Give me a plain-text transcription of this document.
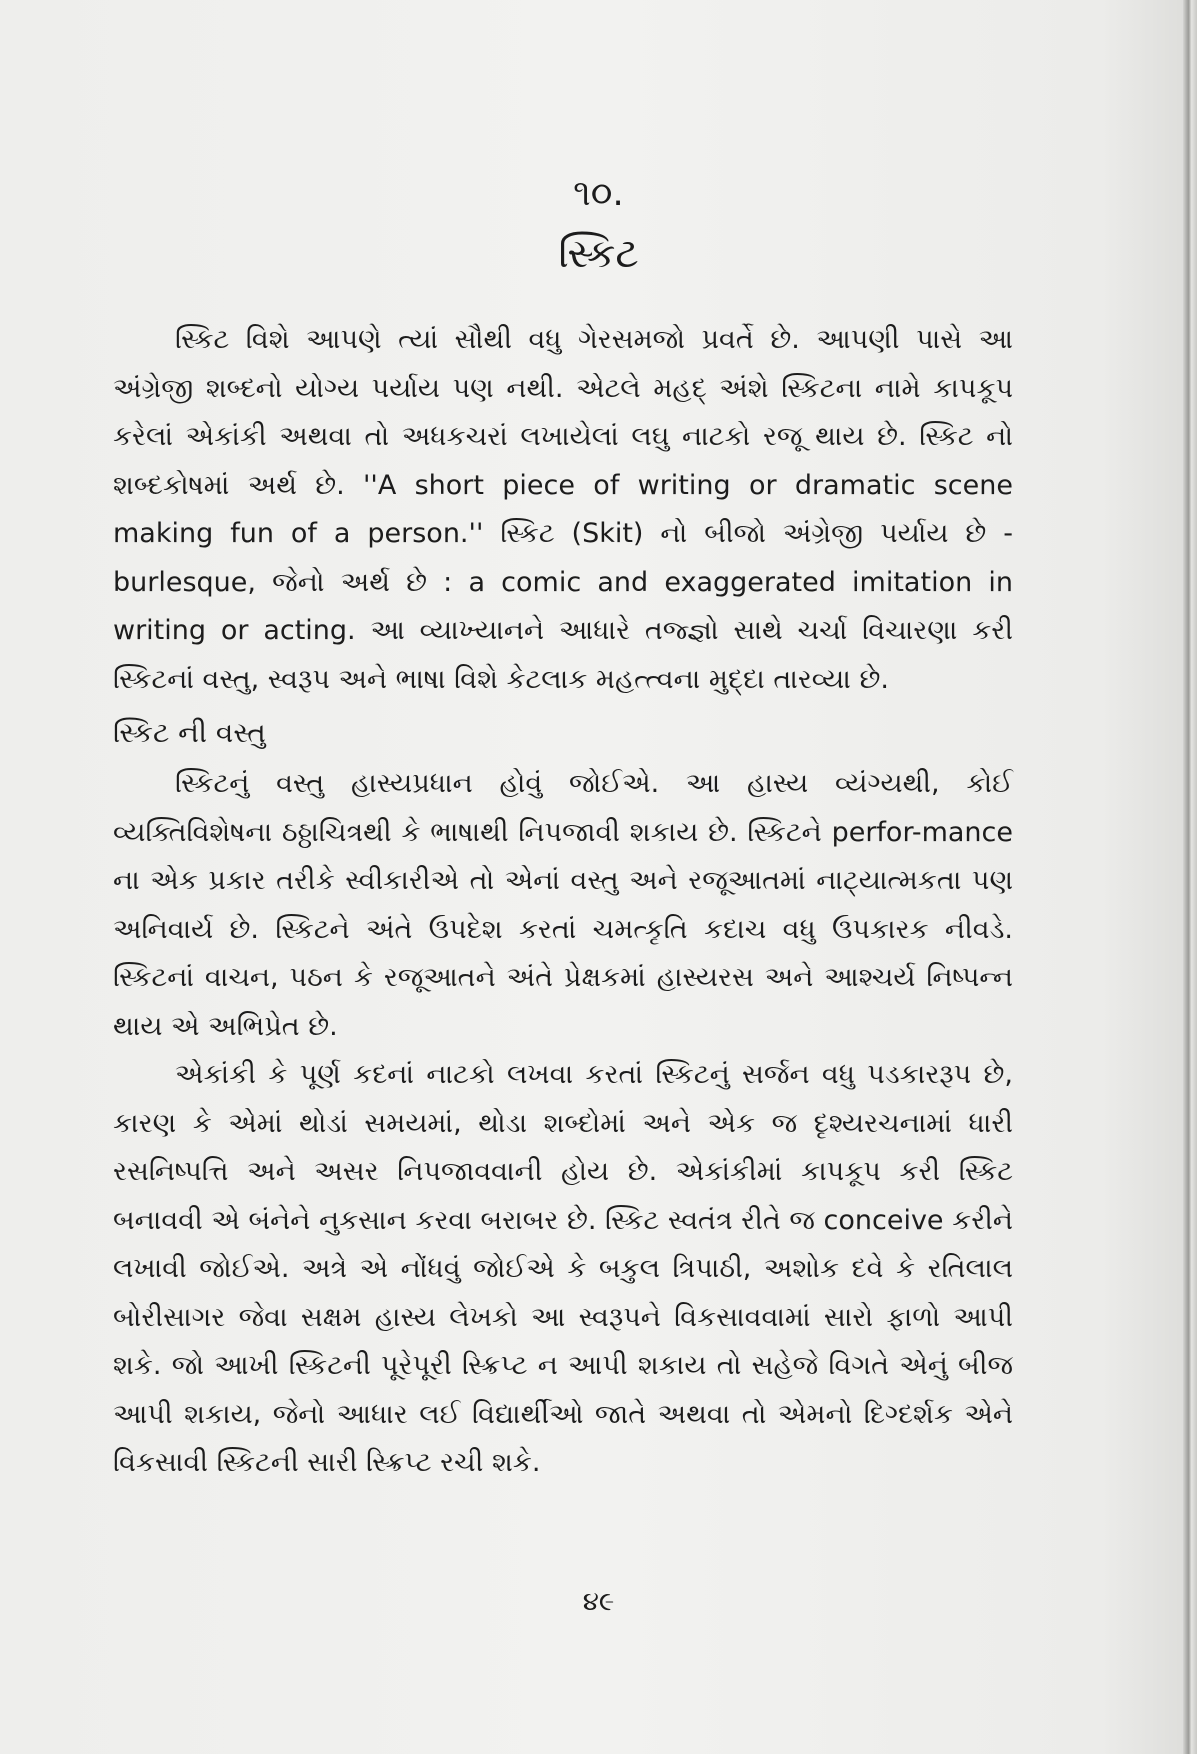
૧૦.
સ્કિટ

સ્કિટ વિશે આપણે ત્યાં સૌથી વધુ ગેરસમજો પ્રવર્તે છે. આપણી પાસે આ અંગ્રેજી શબ્દનો યોગ્ય પર્યાય પણ નથી. એટલે મહદ્ અંશે સ્કિટના નામે કાપકૂપ કરેલાં એકાંકી અથવા તો અધકચરાં લખાયેલાં લઘુ નાટકો રજૂ થાય છે. સ્કિટ નો શબ્દકોષમાં અર્થ છે. ''A short piece of writing or dramatic scene making fun of a person.'' સ્કિટ (Skit) નો બીજો અંગ્રેજી પર્યાય છે - burlesque, જેનો અર્થ છે : a comic and exaggerated imitation in writing or acting. આ વ્યાખ્યાનને આધારે તજ્જ્ઞો સાથે ચર્ચા વિચારણા કરી સ્કિટનાં વસ્તુ, સ્વરૂપ અને ભાષા વિશે કેટલાક મહત્ત્વના મુદ્દા તારવ્યા છે.

સ્કિટ ની વસ્તુ

સ્કિટનું વસ્તુ હાસ્યપ્રધાન હોવું જોઈએ. આ હાસ્ય વ્યંગ્યથી, કોઈ વ્યક્તિવિશેષના ઠઠ્ઠાચિત્રથી કે ભાષાથી નિપજાવી શકાય છે. સ્કિટને perfor-mance ના એક પ્રકાર તરીકે સ્વીકારીએ તો એનાં વસ્તુ અને રજૂઆતમાં નાટ્યાત્મકતા પણ અનિવાર્ય છે. સ્કિટને અંતે ઉપદેશ કરતાં ચમત્કૃતિ કદાચ વધુ ઉપકારક નીવડે. સ્કિટનાં વાચન, પઠન કે રજૂઆતને અંતે પ્રેક્ષકમાં હાસ્યરસ અને આશ્ચર્ય નિષ્પન્ન થાય એ અભિપ્રેત છે.

એકાંકી કે પૂર્ણ કદનાં નાટકો લખવા કરતાં સ્કિટનું સર્જન વધુ પડકારરૂપ છે, કારણ કે એમાં થોડાં સમયમાં, થોડા શબ્દોમાં અને એક જ દૃશ્યરચનામાં ધારી રસનિષ્પત્તિ અને અસર નિપજાવવાની હોય છે. એકાંકીમાં કાપકૂપ કરી સ્કિટ બનાવવી એ બંનેને નુકસાન કરવા બરાબર છે. સ્કિટ સ્વતંત્ર રીતે જ conceive કરીને લખાવી જોઈએ. અત્રે એ નોંધવું જોઈએ કે બકુલ ત્રિપાઠી, અશોક દવે કે રતિલાલ બોરીસાગર જેવા સક્ષમ હાસ્ય લેખકો આ સ્વરૂપને વિકસાવવામાં સારો ફાળો આપી શકે. જો આખી સ્કિટની પૂરેપૂરી સ્ક્રિપ્ટ ન આપી શકાય તો સહેજે વિગતે એનું બીજ આપી શકાય, જેનો આધાર લઈ વિદ્યાર્થીઓ જાતે અથવા તો એમનો દિગ્દર્શક એને વિકસાવી સ્કિટની સારી સ્ક્રિપ્ટ રચી શકે.

૪૯
